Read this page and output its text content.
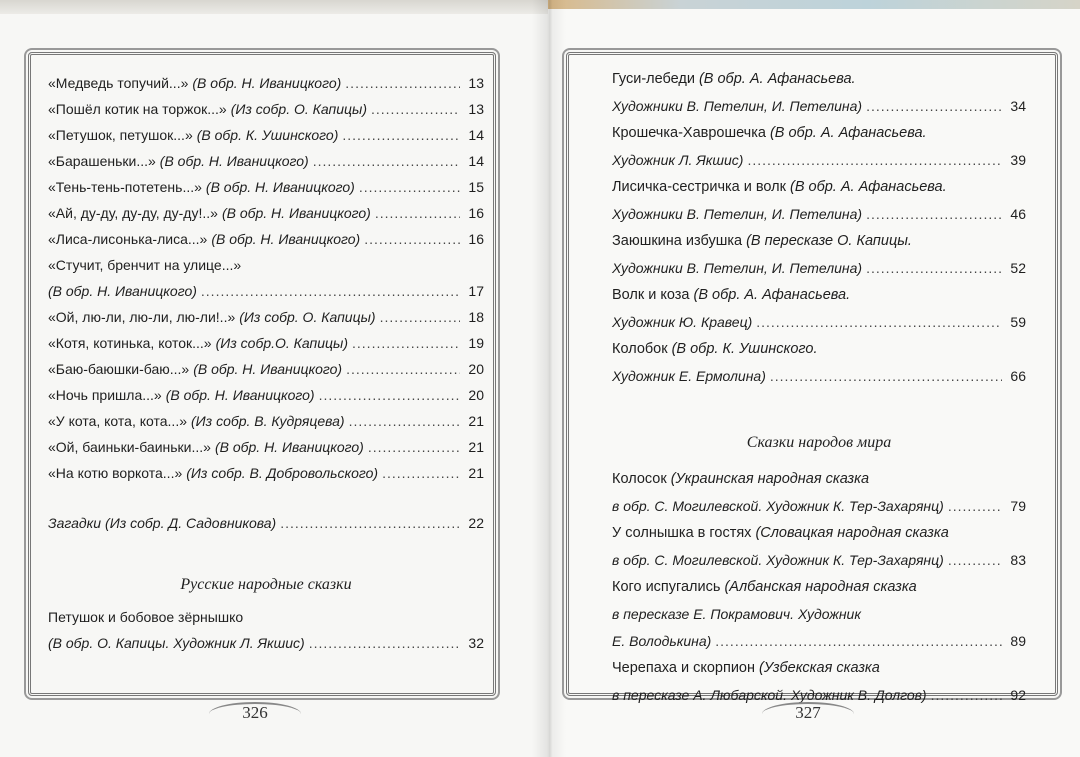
«Медведь топучий...» (В обр. Н. Иваницкого) .....	13
«Пошёл котик на торжок...» (Из собр. О. Капицы) .....	13
«Петушок, петушок...» (В обр. К. Ушинского) .....	14
«Барашеньки...» (В обр. Н. Иваницкого) .....	14
«Тень-тень-потетень...» (В обр. Н. Иваницкого) .....	15
«Ай, ду-ду, ду-ду, ду-ду!..» (В обр. Н. Иваницкого) .....	16
«Лиса-лисонька-лиса...» (В обр. Н. Иваницкого) .....	16
«Стучит, бренчит на улице...»
(В обр. Н. Иваницкого) .....	17
«Ой, лю-ли, лю-ли, лю-ли!..» (Из собр. О. Капицы) .....	18
«Котя, котинька, коток...» (Из собр.О. Капицы) .....	19
«Баю-баюшки-баю...» (В обр. Н. Иваницкого) .....	20
«Ночь пришла...» (В обр. Н. Иваницкого) .....	20
«У кота, кота, кота...» (Из собр. В. Кудряцева) .....	21
«Ой, баиньки-баиньки...» (В обр. Н. Иваницкого) .....	21
«На котю воркота...» (Из собр. В. Добровольского) .....	21
Загадки (Из собр. Д. Садовникова) .....	22
Русские народные сказки
Петушок и бобовое зёрнышко
(В обр. О. Капицы. Художник Л. Якшис) .....	32
326
Гуси-лебеди (В обр. А. Афанасьева.
Художники В. Петелин, И. Петелина) .....	34
Крошечка-Хаврошечка (В обр. А. Афанасьева.
Художник Л. Якшис) .....	39
Лисичка-сестричка и волк (В обр. А. Афанасьева.
Художники В. Петелин, И. Петелина) .....	46
Заюшкина избушка (В пересказе О. Капицы.
Художники В. Петелин, И. Петелина) .....	52
Волк и коза (В обр. А. Афанасьева.
Художник Ю. Кравец) .....	59
Колобок (В обр. К. Ушинского.
Художник Е. Ермолина) .....	66
Сказки народов мира
Колосок (Украинская народная сказка
в обр. С. Могилевской. Художник К. Тер-Захарянц) .....	79
У солнышка в гостях (Словацкая народная сказка
в обр. С. Могилевской. Художник К. Тер-Захарянц) .....	83
Кого испугались (Албанская народная сказка
в пересказе Е. Покрамович. Художник
Е. Володькина) .....	89
Черепаха и скорпион (Узбекская сказка
в пересказе А. Любарской. Художник В. Долгов) .....	92
327
